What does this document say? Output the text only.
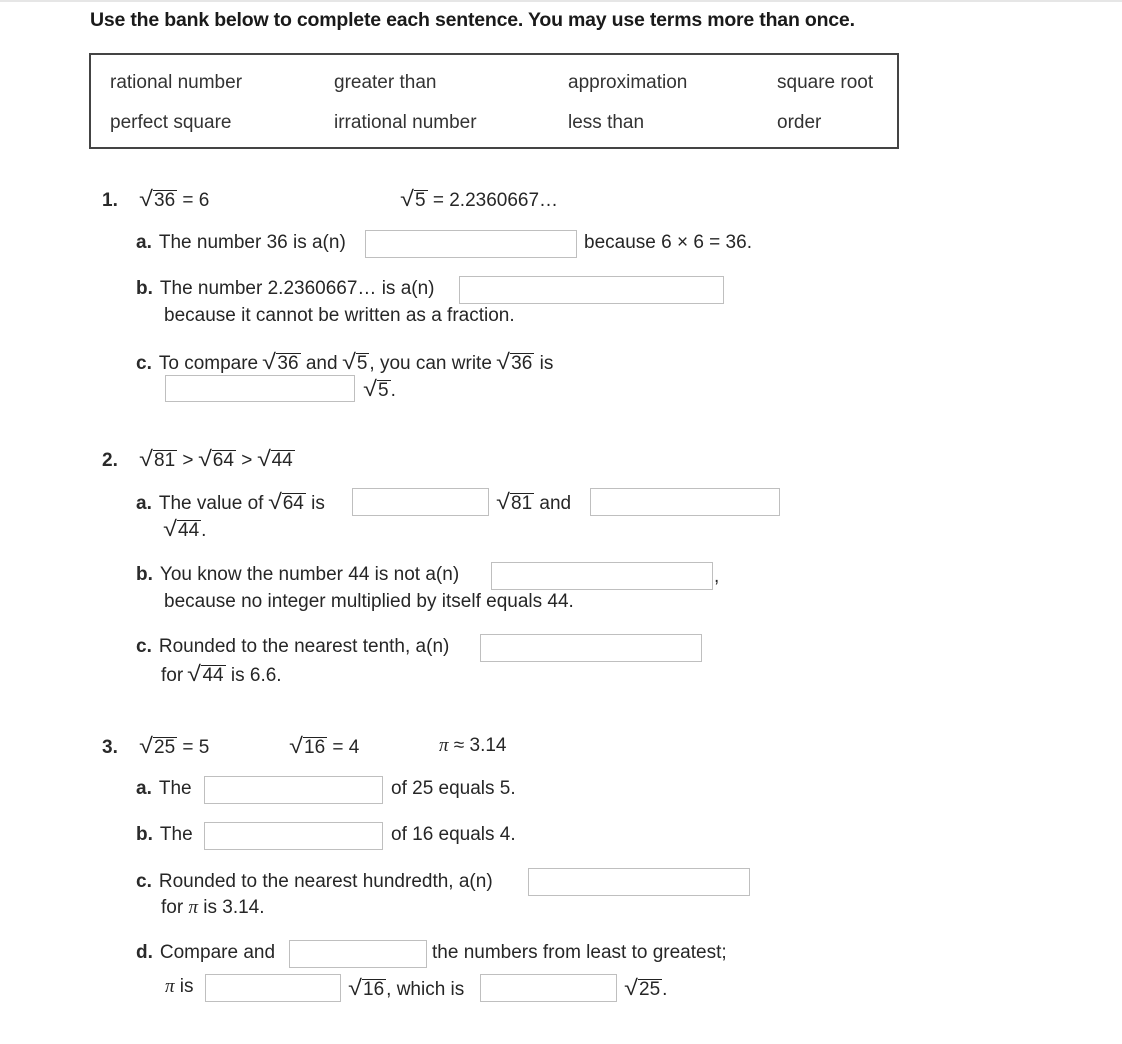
Use the bank below to complete each sentence. You may use terms more than once.
rational number	greater than	approximation	square root
perfect square	irrational number	less than	order
1. √36 = 6	√5 = 2.2360667…
a. The number 36 is a(n)	because 6 × 6 = 36.
b. The number 2.2360667… is a(n)
because it cannot be written as a fraction.
c. To compare √36 and √5 , you can write √36 is
√5 .
2. √81 > √64 > √44
a. The value of √64 is	√81 and
√44 .
b. You know the number 44 is not a(n)	,
because no integer multiplied by itself equals 44.
c. Rounded to the nearest tenth, a(n)
for √44 is 6.6.
3. √25 = 5	√16 = 4	π ≈ 3.14
a. The	of 25 equals 5.
b. The	of 16 equals 4.
c. Rounded to the nearest hundredth, a(n)
for π is 3.14.
d. Compare and	the numbers from least to greatest;
π is	√16 , which is	√25 .
